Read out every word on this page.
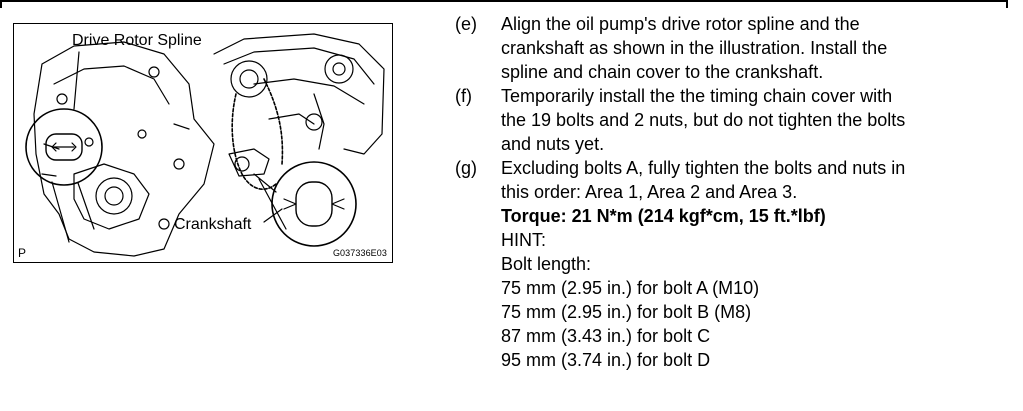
Drive Rotor Spline
Crankshaft
P	G037336E03
(e) Align the oil pump's drive rotor spline and the
crankshaft as shown in the illustration. Install the
spline and chain cover to the crankshaft.
(f) Temporarily install the the timing chain cover with
the 19 bolts and 2 nuts, but do not tighten the bolts
and nuts yet.
(g) Excluding bolts A, fully tighten the bolts and nuts in
this order: Area 1, Area 2 and Area 3.
Torque: 21 N*m (214 kgf*cm, 15 ft.*lbf)
HINT:
Bolt length:
75 mm (2.95 in.) for bolt A (M10)
75 mm (2.95 in.) for bolt B (M8)
87 mm (3.43 in.) for bolt C
95 mm (3.74 in.) for bolt D
